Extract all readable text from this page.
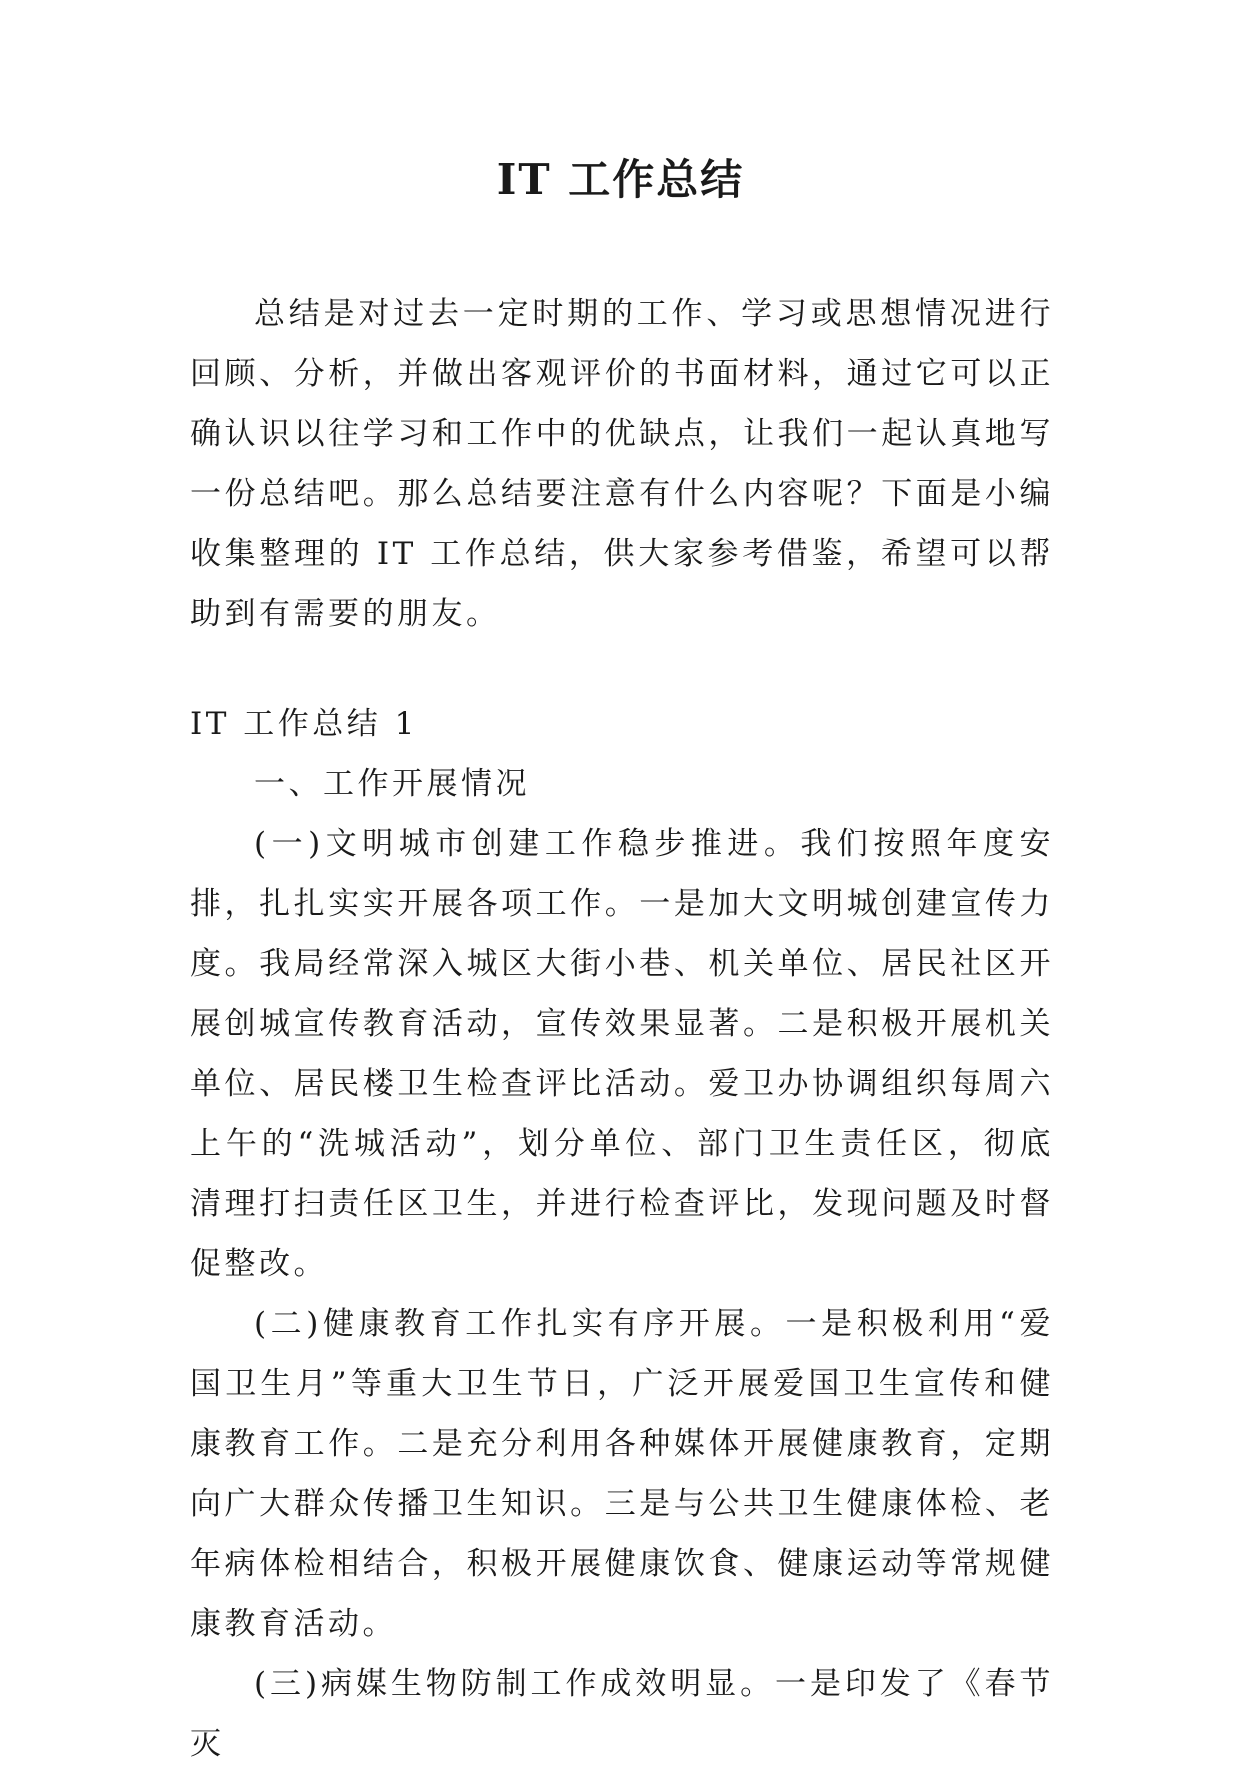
IT 工作总结

总结是对过去一定时期的工作、学习或思想情况进行回顾、分析，并做出客观评价的书面材料，通过它可以正确认识以往学习和工作中的优缺点，让我们一起认真地写一份总结吧。那么总结要注意有什么内容呢？下面是小编收集整理的 IT 工作总结，供大家参考借鉴，希望可以帮助到有需要的朋友。

IT 工作总结 1

一、工作开展情况

(一)文明城市创建工作稳步推进。我们按照年度安排，扎扎实实开展各项工作。一是加大文明城创建宣传力度。我局经常深入城区大街小巷、机关单位、居民社区开展创城宣传教育活动，宣传效果显著。二是积极开展机关单位、居民楼卫生检查评比活动。爱卫办协调组织每周六上午的“洗城活动”，划分单位、部门卫生责任区，彻底清理打扫责任区卫生，并进行检查评比，发现问题及时督促整改。

(二)健康教育工作扎实有序开展。一是积极利用“爱国卫生月”等重大卫生节日，广泛开展爱国卫生宣传和健康教育工作。二是充分利用各种媒体开展健康教育，定期向广大群众传播卫生知识。三是与公共卫生健康体检、老年病体检相结合，积极开展健康饮食、健康运动等常规健康教育活动。

(三)病媒生物防制工作成效明显。一是印发了《春节灭
